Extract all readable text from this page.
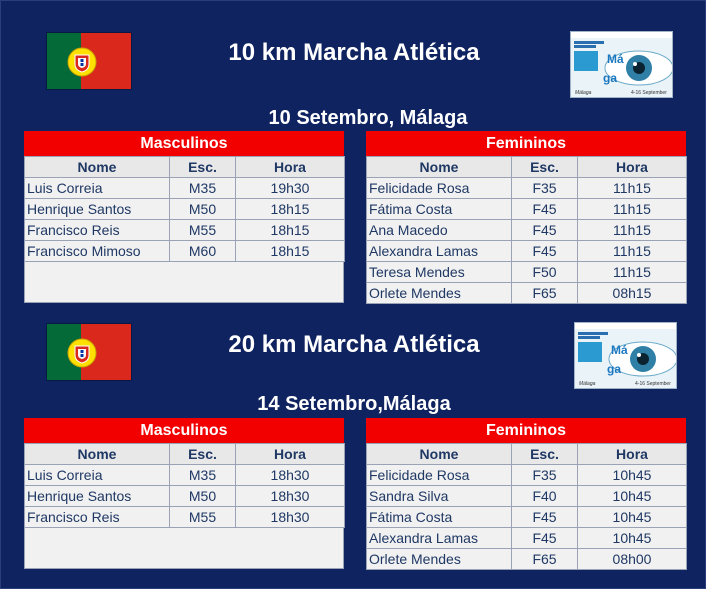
10 km Marcha Atlética	Má
ga
Málaga	4-16 September
10 Setembro, Málaga
Masculinos
Nome	Esc.	Hora
Luis Correia	M35	19h30
Henrique Santos	M50	18h15
Francisco Reis	M55	18h15
Francisco Mimoso	M60	18h15
Femininos
Nome	Esc.	Hora
Felicidade Rosa	F35	11h15
Fátima Costa	F45	11h15
Ana Macedo	F45	11h15
Alexandra Lamas	F45	11h15
Teresa Mendes	F50	11h15
Orlete Mendes	F65	08h15
20 km Marcha Atlética	Má
ga
Málaga	4-16 September
14 Setembro,Málaga
Masculinos
Nome	Esc.	Hora
Luis Correia	M35	18h30
Henrique Santos	M50	18h30
Francisco Reis	M55	18h30
Femininos
Nome	Esc.	Hora
Felicidade Rosa	F35	10h45
Sandra Silva	F40	10h45
Fátima Costa	F45	10h45
Alexandra Lamas	F45	10h45
Orlete Mendes	F65	08h00
